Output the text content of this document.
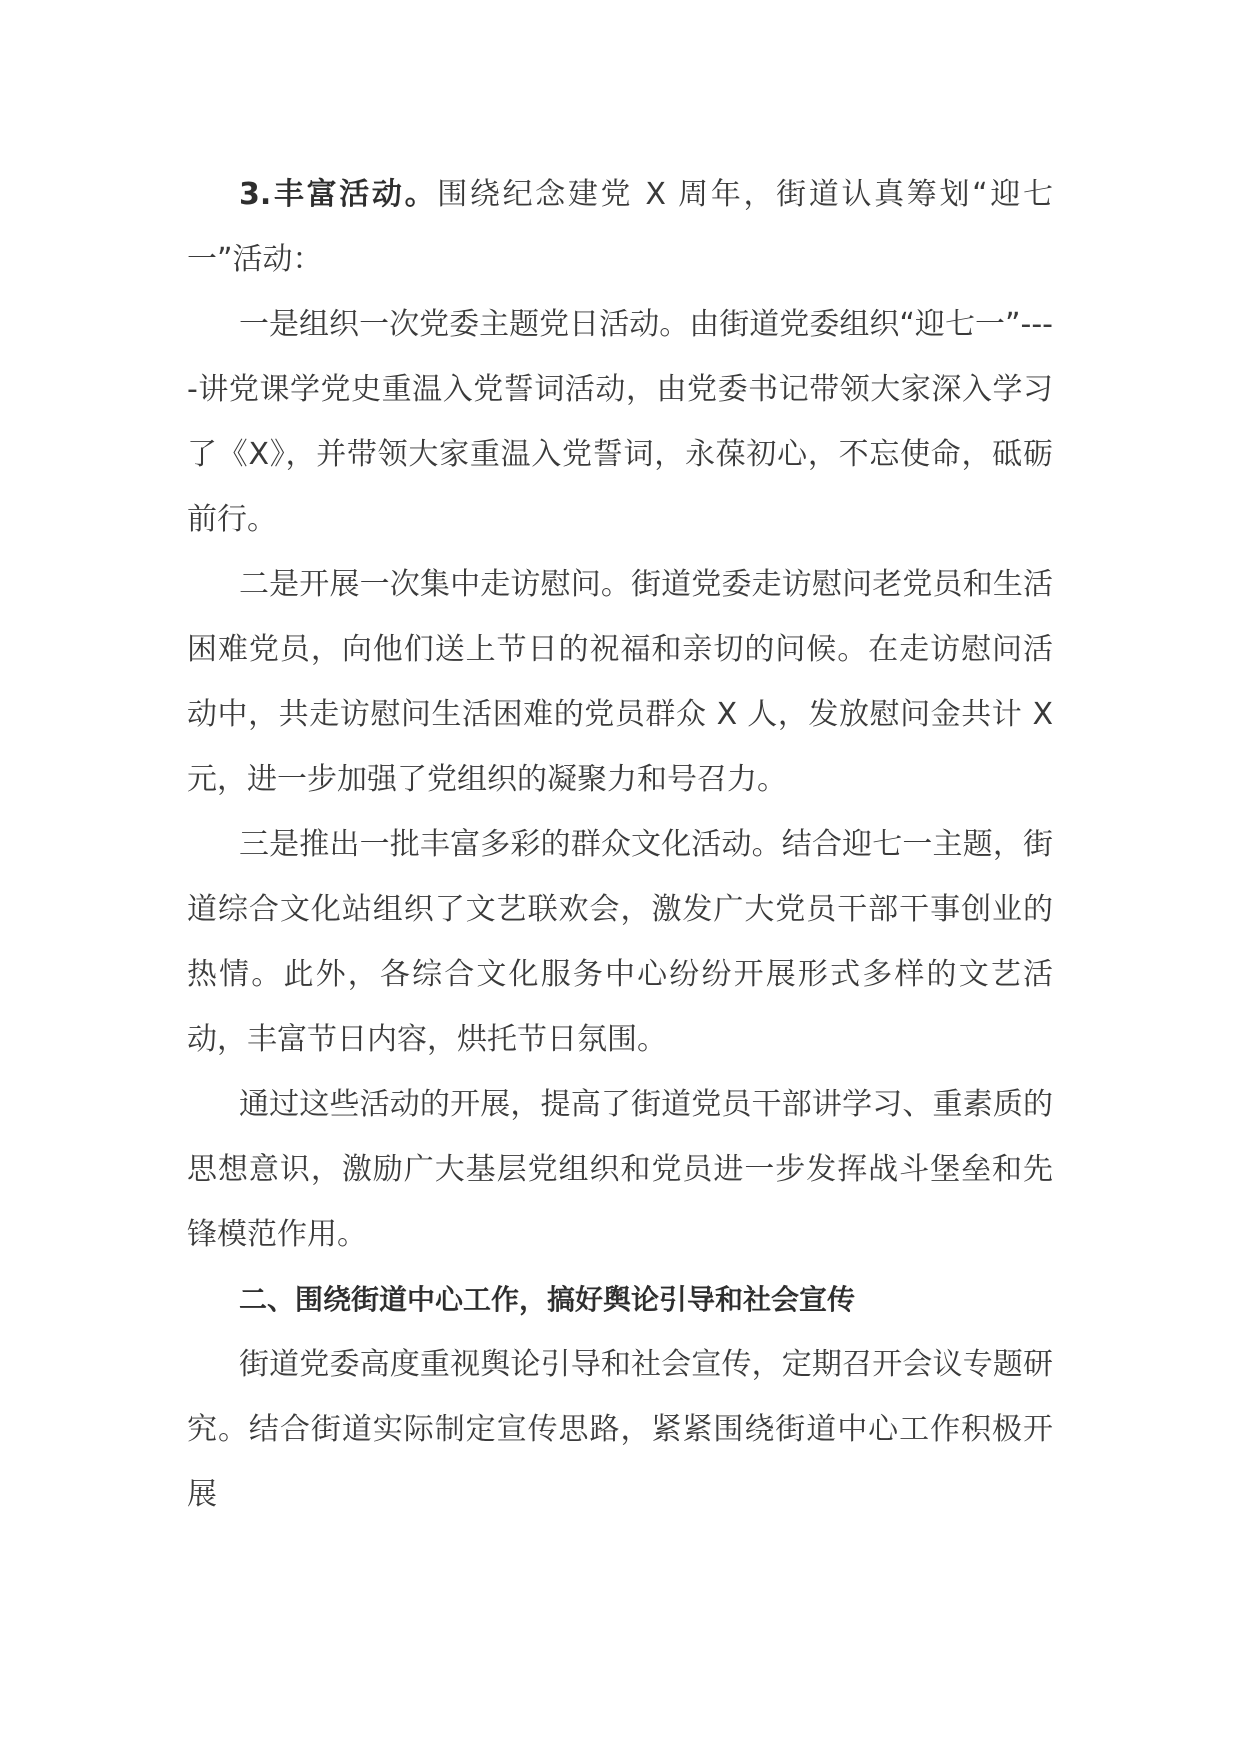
3.丰富活动。围绕纪念建党 X 周年，街道认真筹划“迎七一”活动：

一是组织一次党委主题党日活动。由街道党委组织“迎七一”----讲党课学党史重温入党誓词活动，由党委书记带领大家深入学习了《X》，并带领大家重温入党誓词，永葆初心，不忘使命，砥砺前行。

二是开展一次集中走访慰问。街道党委走访慰问老党员和生活困难党员，向他们送上节日的祝福和亲切的问候。在走访慰问活动中，共走访慰问生活困难的党员群众 X 人，发放慰问金共计 X 元，进一步加强了党组织的凝聚力和号召力。

三是推出一批丰富多彩的群众文化活动。结合迎七一主题，街道综合文化站组织了文艺联欢会，激发广大党员干部干事创业的热情。此外，各综合文化服务中心纷纷开展形式多样的文艺活动，丰富节日内容，烘托节日氛围。

通过这些活动的开展，提高了街道党员干部讲学习、重素质的思想意识，激励广大基层党组织和党员进一步发挥战斗堡垒和先锋模范作用。

二、围绕街道中心工作，搞好舆论引导和社会宣传

街道党委高度重视舆论引导和社会宣传，定期召开会议专题研究。结合街道实际制定宣传思路，紧紧围绕街道中心工作积极开展
